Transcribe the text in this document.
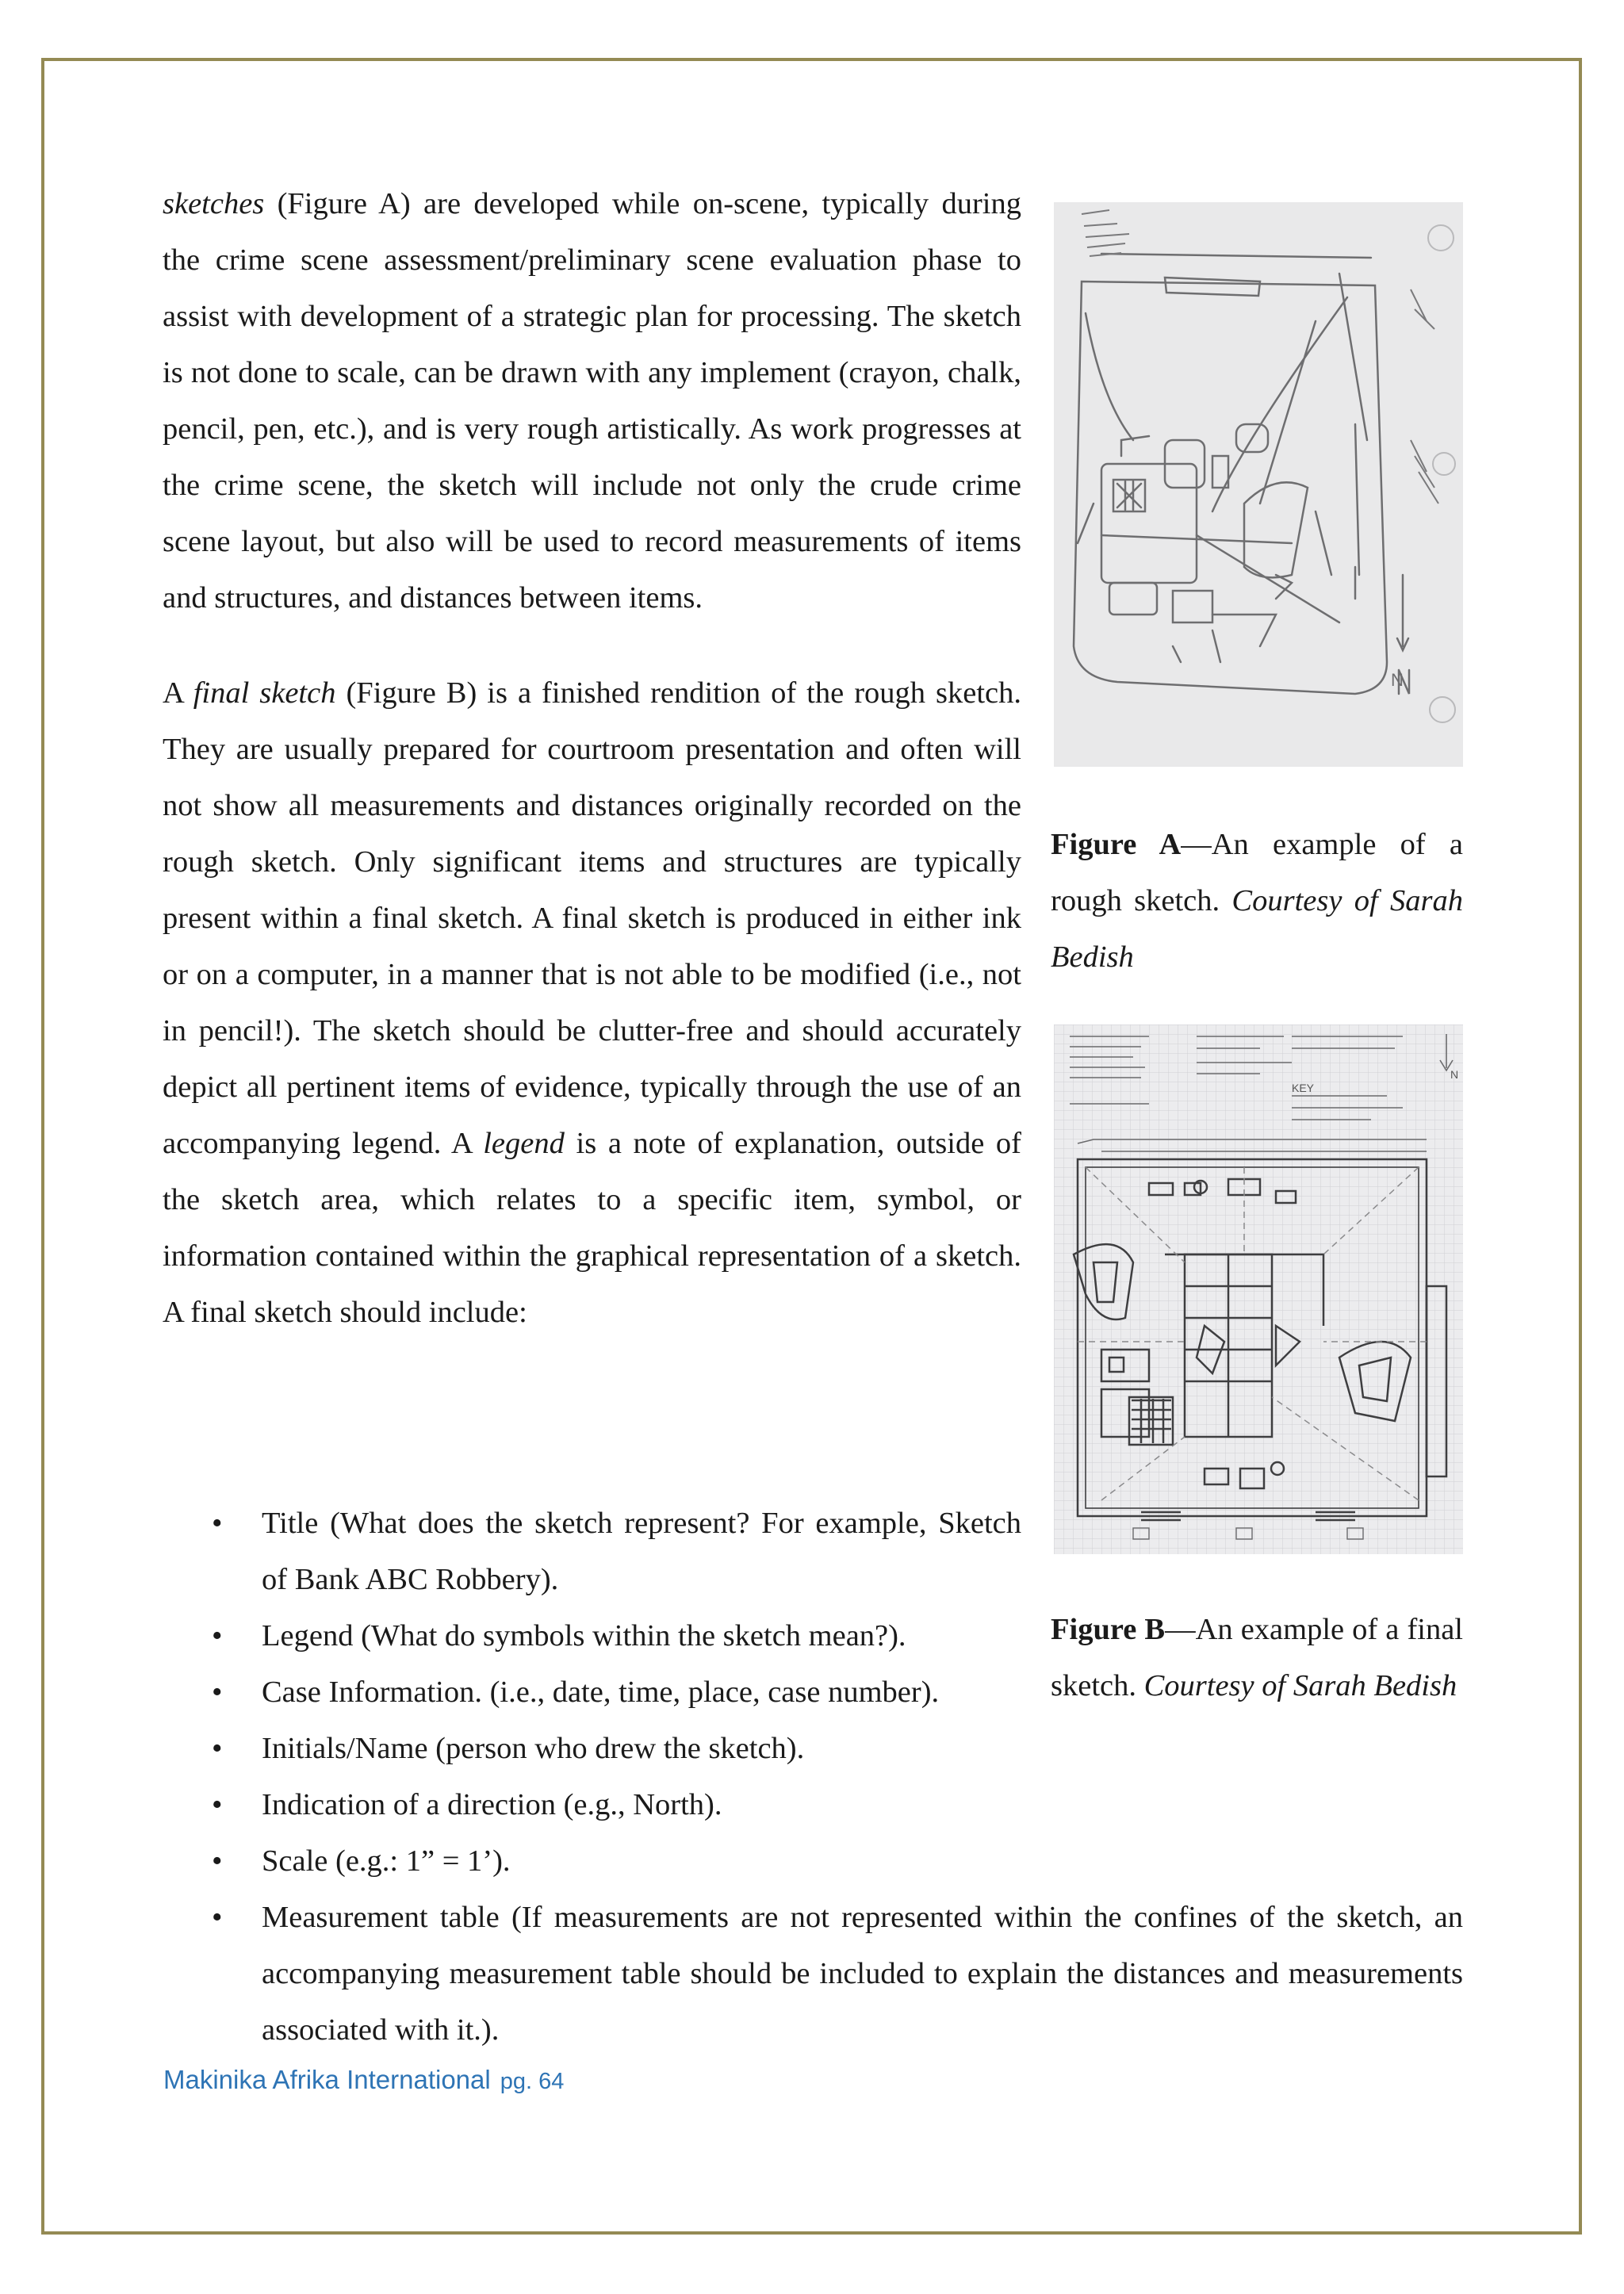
sketches (Figure A) are developed while on-scene, typically during the crime scene assessment/preliminary scene evaluation phase to assist with development of a strategic plan for processing. The sketch is not done to scale, can be drawn with any implement (crayon, chalk, pencil, pen, etc.), and is very rough artistically. As work progresses at the crime scene, the sketch will include not only the crude crime scene layout, but also will be used to record measurements of items and structures, and distances between items.

A final sketch (Figure B) is a finished rendition of the rough sketch. They are usually prepared for courtroom presentation and often will not show all measurements and distances originally recorded on the rough sketch. Only significant items and structures are typically present within a final sketch. A final sketch is produced in either ink or on a computer, in a manner that is not able to be modified (i.e., not in pencil!). The sketch should be clutter-free and should accurately depict all pertinent items of evidence, typically through the use of an accompanying legend. A legend is a note of explanation, outside of the sketch area, which relates to a specific item, symbol, or information contained within the graphical representation of a sketch. A final sketch should include:

• Title (What does the sketch represent? For example, Sketch of Bank ABC Robbery).
• Legend (What do symbols within the sketch mean?).
• Case Information. (i.e., date, time, place, case number).
• Initials/Name (person who drew the sketch).
• Indication of a direction (e.g., North).
• Scale (e.g.: 1” = 1’).
• Measurement table (If measurements are not represented within the confines of the sketch, an accompanying measurement table should be included to explain the distances and measurements associated with it.).
N
Figure A—An example of a rough sketch. Courtesy of Sarah Bedish
N
KEY
Figure B—An example of a final sketch. Courtesy of Sarah Bedish
Makinika Afrika International pg. 64
